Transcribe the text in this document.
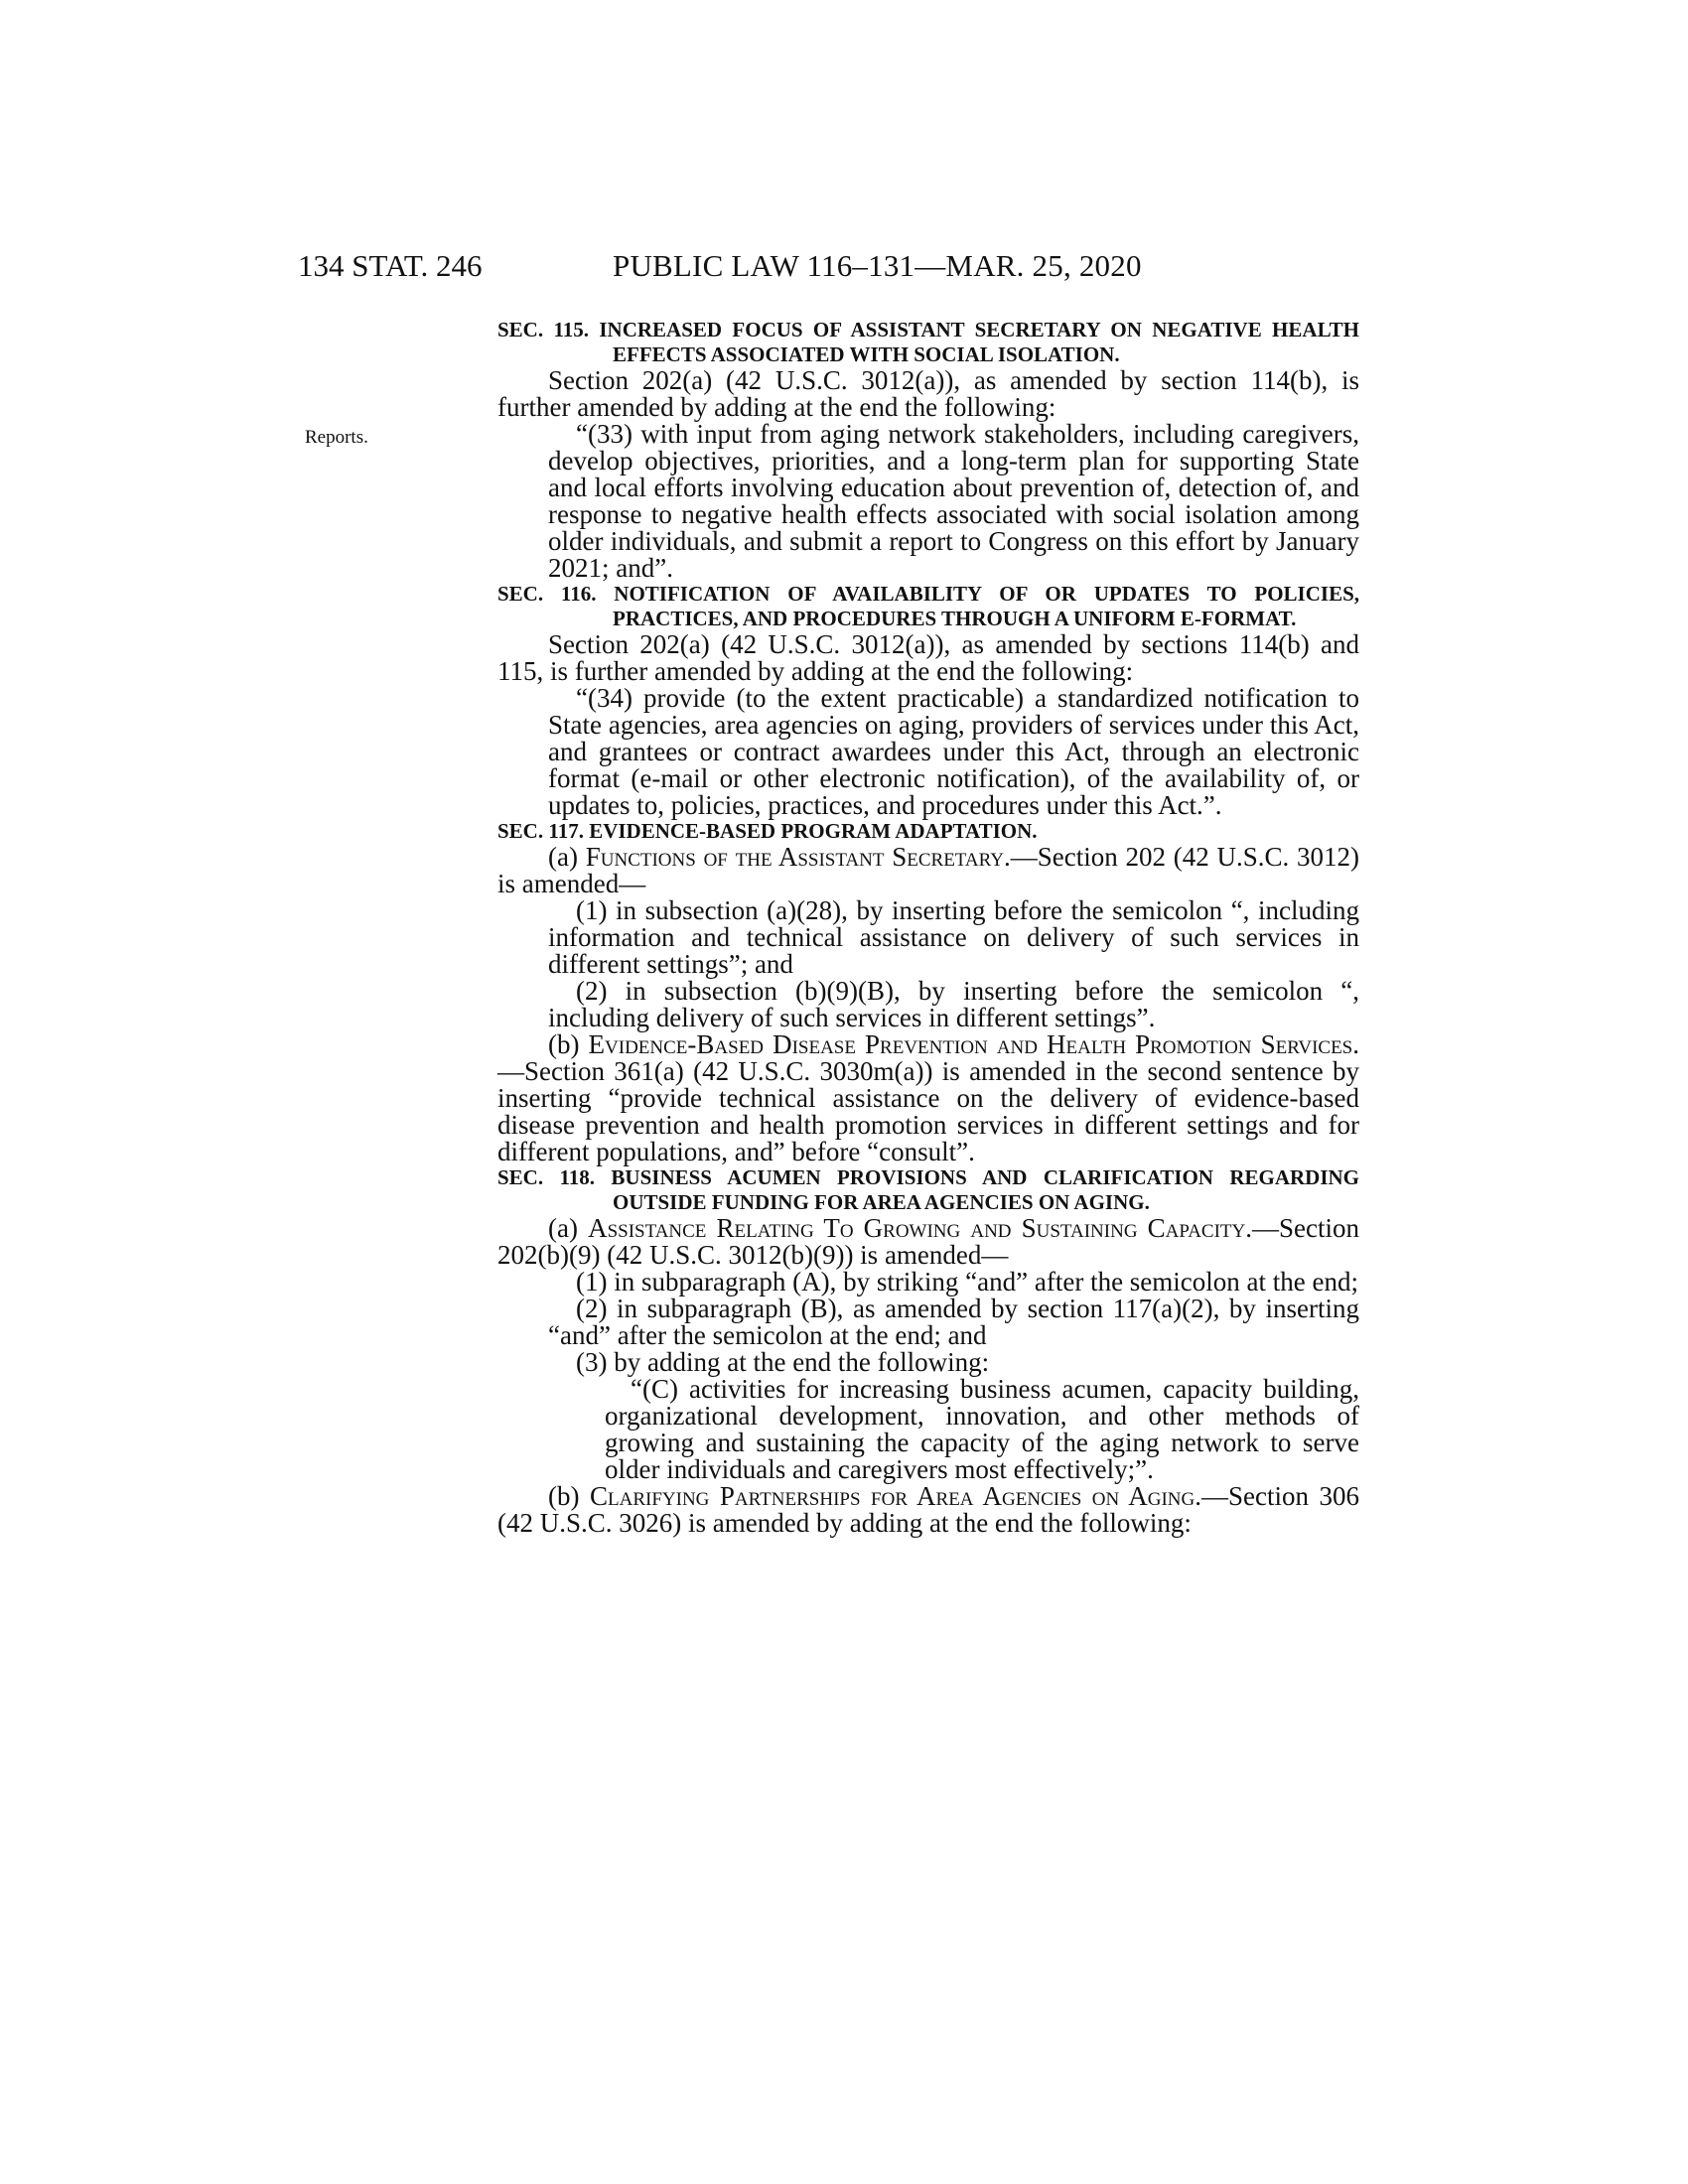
134 STAT. 246	PUBLIC LAW 116–131—MAR. 25, 2020
Reports.

SEC. 115. INCREASED FOCUS OF ASSISTANT SECRETARY ON NEGATIVE HEALTH EFFECTS ASSOCIATED WITH SOCIAL ISOLATION.

Section 202(a) (42 U.S.C. 3012(a)), as amended by section 114(b), is further amended by adding at the end the following:

“(33) with input from aging network stakeholders, including caregivers, develop objectives, priorities, and a long-term plan for supporting State and local efforts involving education about prevention of, detection of, and response to negative health effects associated with social isolation among older individuals, and submit a report to Congress on this effort by January 2021; and”.

SEC. 116. NOTIFICATION OF AVAILABILITY OF OR UPDATES TO POLICIES, PRACTICES, AND PROCEDURES THROUGH A UNIFORM E-FORMAT.

Section 202(a) (42 U.S.C. 3012(a)), as amended by sections 114(b) and 115, is further amended by adding at the end the following:

“(34) provide (to the extent practicable) a standardized notification to State agencies, area agencies on aging, providers of services under this Act, and grantees or contract awardees under this Act, through an electronic format (e-mail or other electronic notification), of the availability of, or updates to, policies, practices, and procedures under this Act.”.

SEC. 117. EVIDENCE-BASED PROGRAM ADAPTATION.

(a) Functions of the Assistant Secretary.—Section 202 (42 U.S.C. 3012) is amended—

(1) in subsection (a)(28), by inserting before the semicolon “, including information and technical assistance on delivery of such services in different settings”; and

(2) in subsection (b)(9)(B), by inserting before the semicolon “, including delivery of such services in different settings”.

(b) Evidence-Based Disease Prevention and Health Promotion Services.—Section 361(a) (42 U.S.C. 3030m(a)) is amended in the second sentence by inserting “provide technical assistance on the delivery of evidence-based disease prevention and health promotion services in different settings and for different populations, and” before “consult”.

SEC. 118. BUSINESS ACUMEN PROVISIONS AND CLARIFICATION REGARDING OUTSIDE FUNDING FOR AREA AGENCIES ON AGING.

(a) Assistance Relating To Growing and Sustaining Capacity.—Section 202(b)(9) (42 U.S.C. 3012(b)(9)) is amended—

(1) in subparagraph (A), by striking “and” after the semicolon at the end;

(2) in subparagraph (B), as amended by section 117(a)(2), by inserting “and” after the semicolon at the end; and

(3) by adding at the end the following:

“(C) activities for increasing business acumen, capacity building, organizational development, innovation, and other methods of growing and sustaining the capacity of the aging network to serve older individuals and caregivers most effectively;”.

(b) Clarifying Partnerships for Area Agencies on Aging.—Section 306 (42 U.S.C. 3026) is amended by adding at the end the following:
